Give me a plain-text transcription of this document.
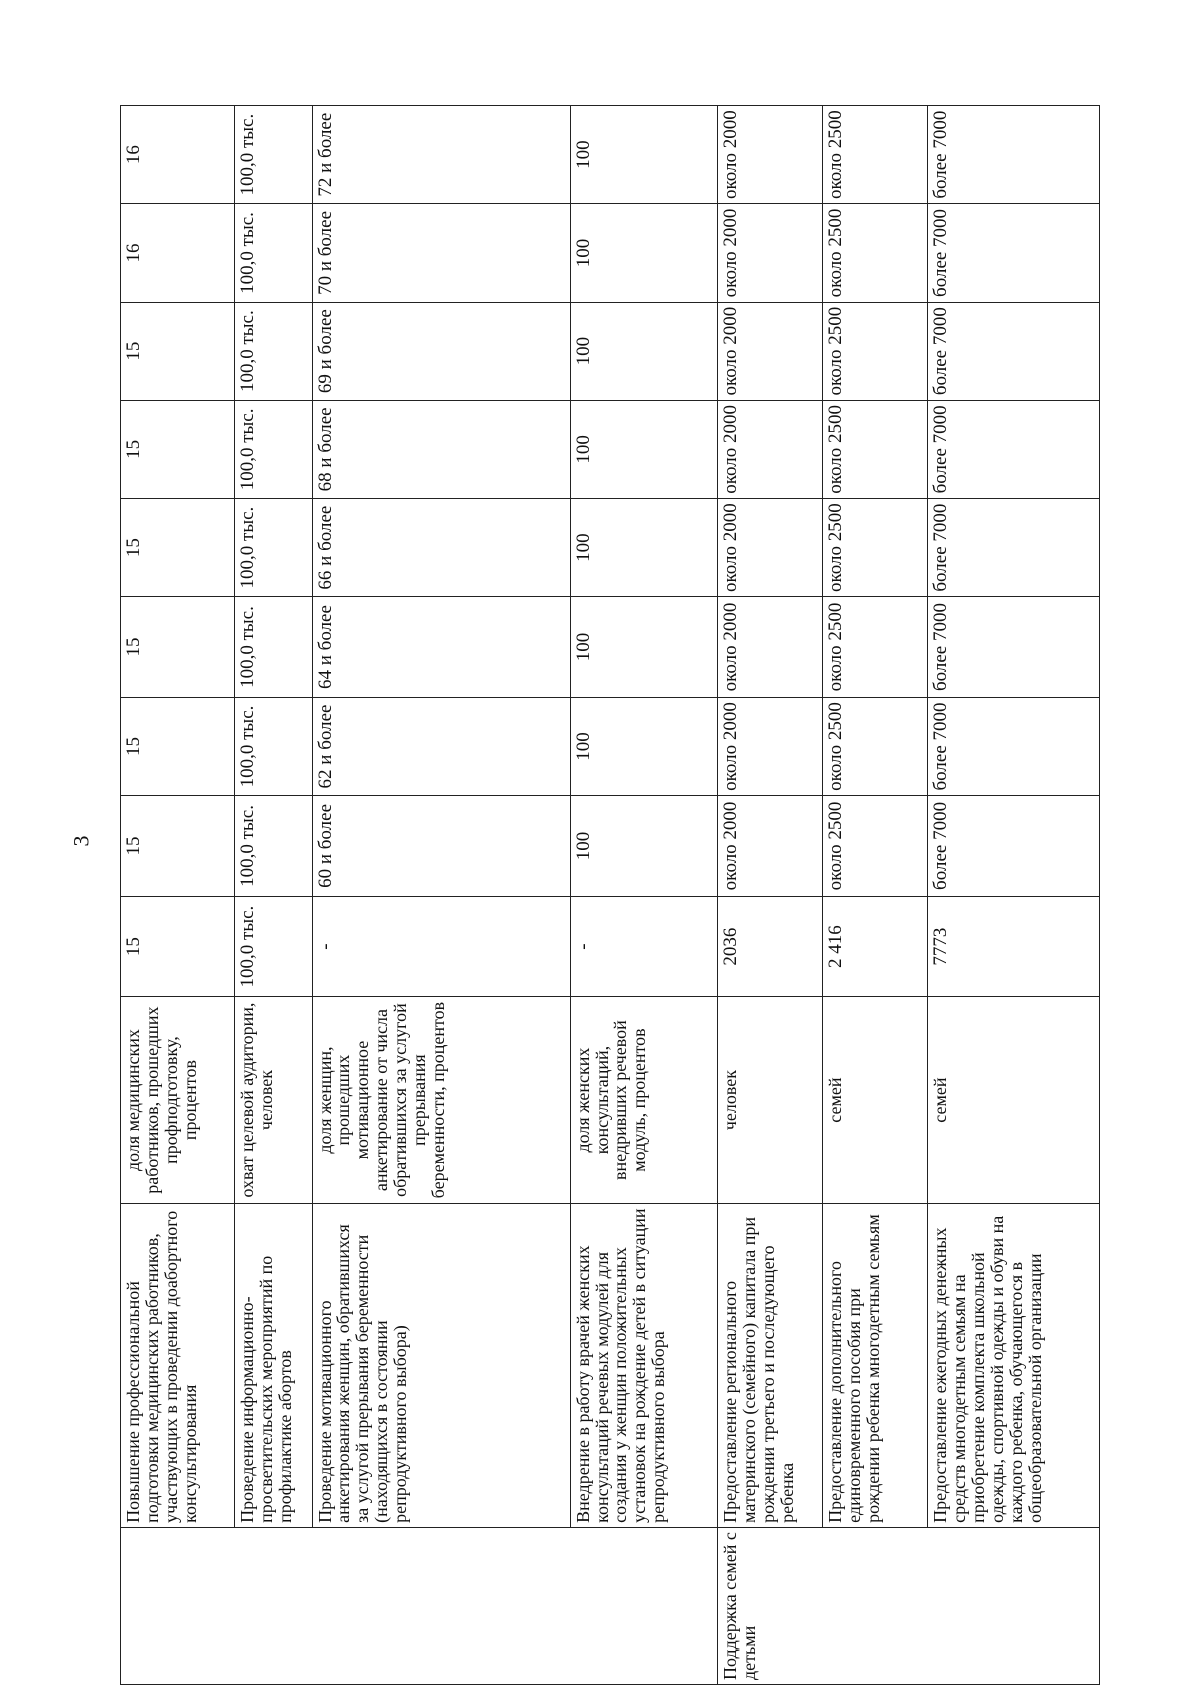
3
	Повышение профессиональной подготовки медицинских работников, участвующих в проведении доабортного консультирования	доля медицинских работников, прошедших профподготовку, процентов	15	15	15	15	15	15	15	16	16
	Проведение информационно-просветительских мероприятий по профилактике абортов	охват целевой аудитории, человек	100,0 тыс.	100,0 тыс.	100,0 тыс.	100,0 тыс.	100,0 тыс.	100,0 тыс.	100,0 тыс.	100,0 тыс.	100,0 тыс.
	Проведение мотивационного анкетирования женщин, обратившихся за услугой прерывания беременности (находящихся в состоянии репродуктивного выбора)	доля женщин, прошедших мотивационное анкетирование от числа обратившихся за услугой прерывания беременности, процентов	-	60 и более	62 и более	64 и более	66 и более	68 и более	69 и более	70 и более	72 и более
	Внедрение в работу врачей женских консультаций речевых модулей для создания у женщин положительных установок на рождение детей в ситуации репродуктивного выбора	доля женских консультаций, внедривших речевой модуль, процентов	-	100	100	100	100	100	100	100	100
Поддержка семей с детьми	Предоставление регионального материнского (семейного) капитала при рождении третьего и последующего ребенка	человек	2036	около 2000	около 2000	около 2000	около 2000	около 2000	около 2000	около 2000	около 2000
	Предоставление дополнительного единовременного пособия при рождении ребенка многодетным семьям	семей	2 416	около 2500	около 2500	около 2500	около 2500	около 2500	около 2500	около 2500	около 2500
	Предоставление ежегодных денежных средств многодетным семьям на приобретение комплекта школьной одежды, спортивной одежды и обуви на каждого ребенка, обучающегося в общеобразовательной организации	семей	7773	более 7000	более 7000	более 7000	более 7000	более 7000	более 7000	более 7000	более 7000
